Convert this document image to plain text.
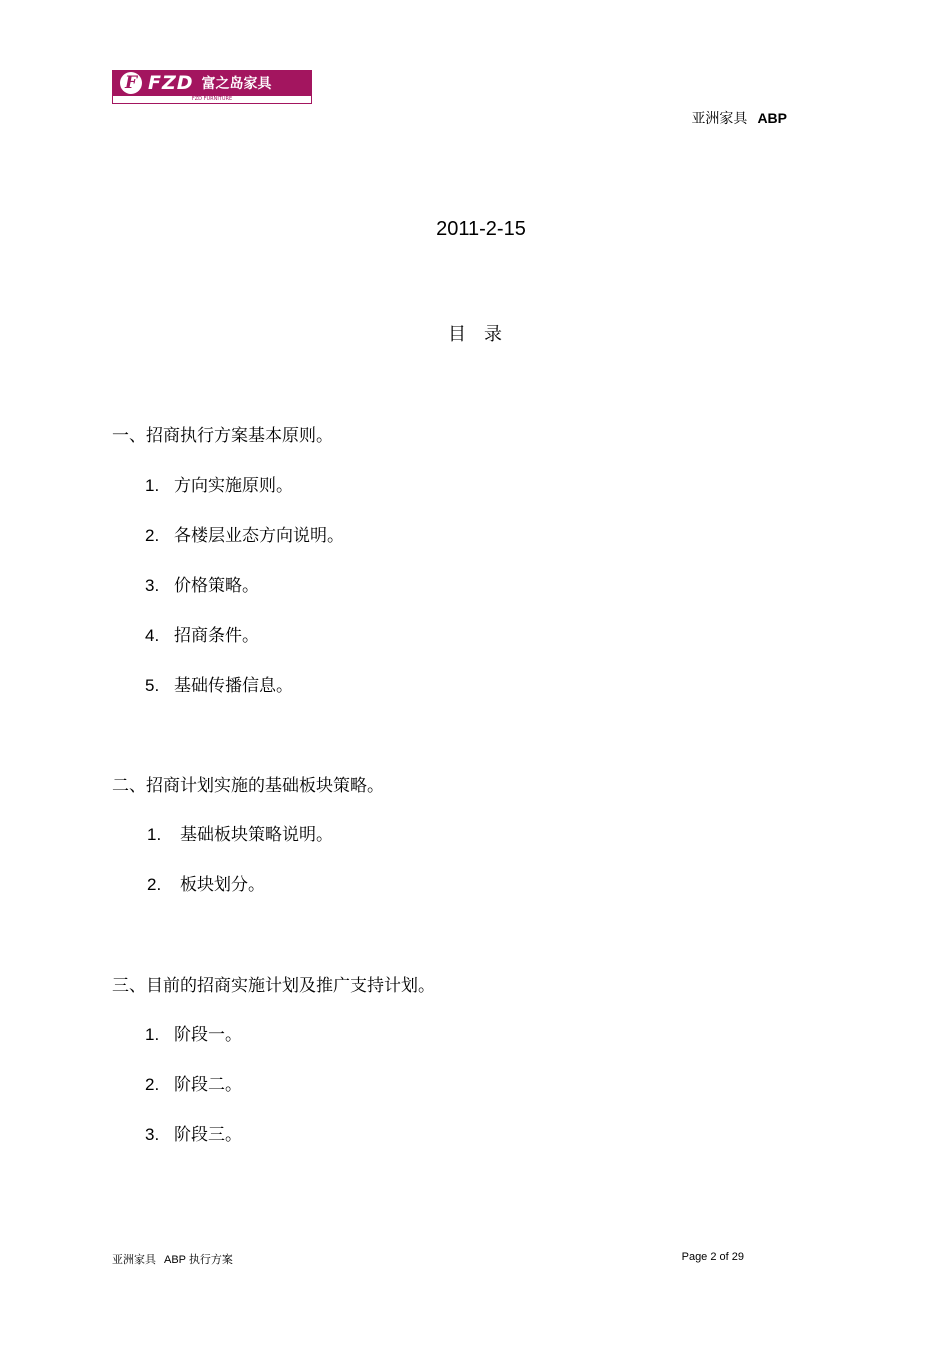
F FZD 富之岛家具
FZD FURNITURE
亚洲家具 ABP
2011-2-15
目录
一、招商执行方案基本原则。
1. 方向实施原则。
2. 各楼层业态方向说明。
3. 价格策略。
4. 招商条件。
5. 基础传播信息。
二、招商计划实施的基础板块策略。
1. 基础板块策略说明。
2. 板块划分。
三、目前的招商实施计划及推广支持计划。
1. 阶段一。
2. 阶段二。
3. 阶段三。
亚洲家具 ABP 执行方案	Page 2 of 29
